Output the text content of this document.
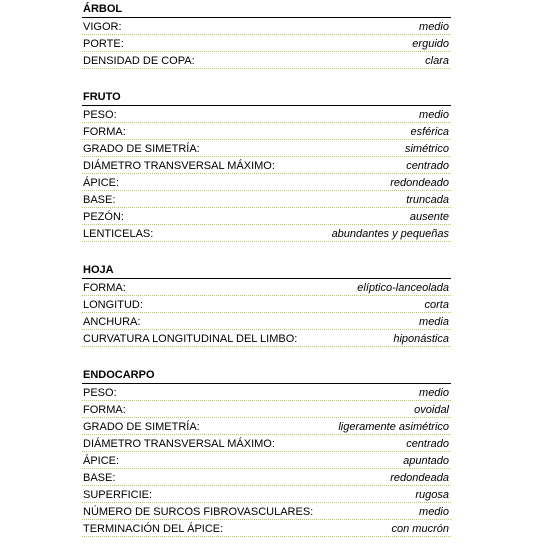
ÁRBOL
VIGOR:	medio
PORTE:	erguido
DENSIDAD DE COPA:	clara
FRUTO
PESO:	medio
FORMA:	esférica
GRADO DE SIMETRÍA:	simétrico
DIÁMETRO TRANSVERSAL MÁXIMO:	centrado
ÁPICE:	redondeado
BASE:	truncada
PEZÓN:	ausente
LENTICELAS:	abundantes y pequeñas
HOJA
FORMA:	elíptico-lanceolada
LONGITUD:	corta
ANCHURA:	media
CURVATURA LONGITUDINAL DEL LIMBO:	hiponástica
ENDOCARPO
PESO:	medio
FORMA:	ovoidal
GRADO DE SIMETRÍA:	ligeramente asimétrico
DIÁMETRO TRANSVERSAL MÁXIMO:	centrado
ÁPICE:	apuntado
BASE:	redondeada
SUPERFICIE:	rugosa
NÚMERO DE SURCOS FIBROVASCULARES:	medio
TERMINACIÓN DEL ÁPICE:	con mucrón
